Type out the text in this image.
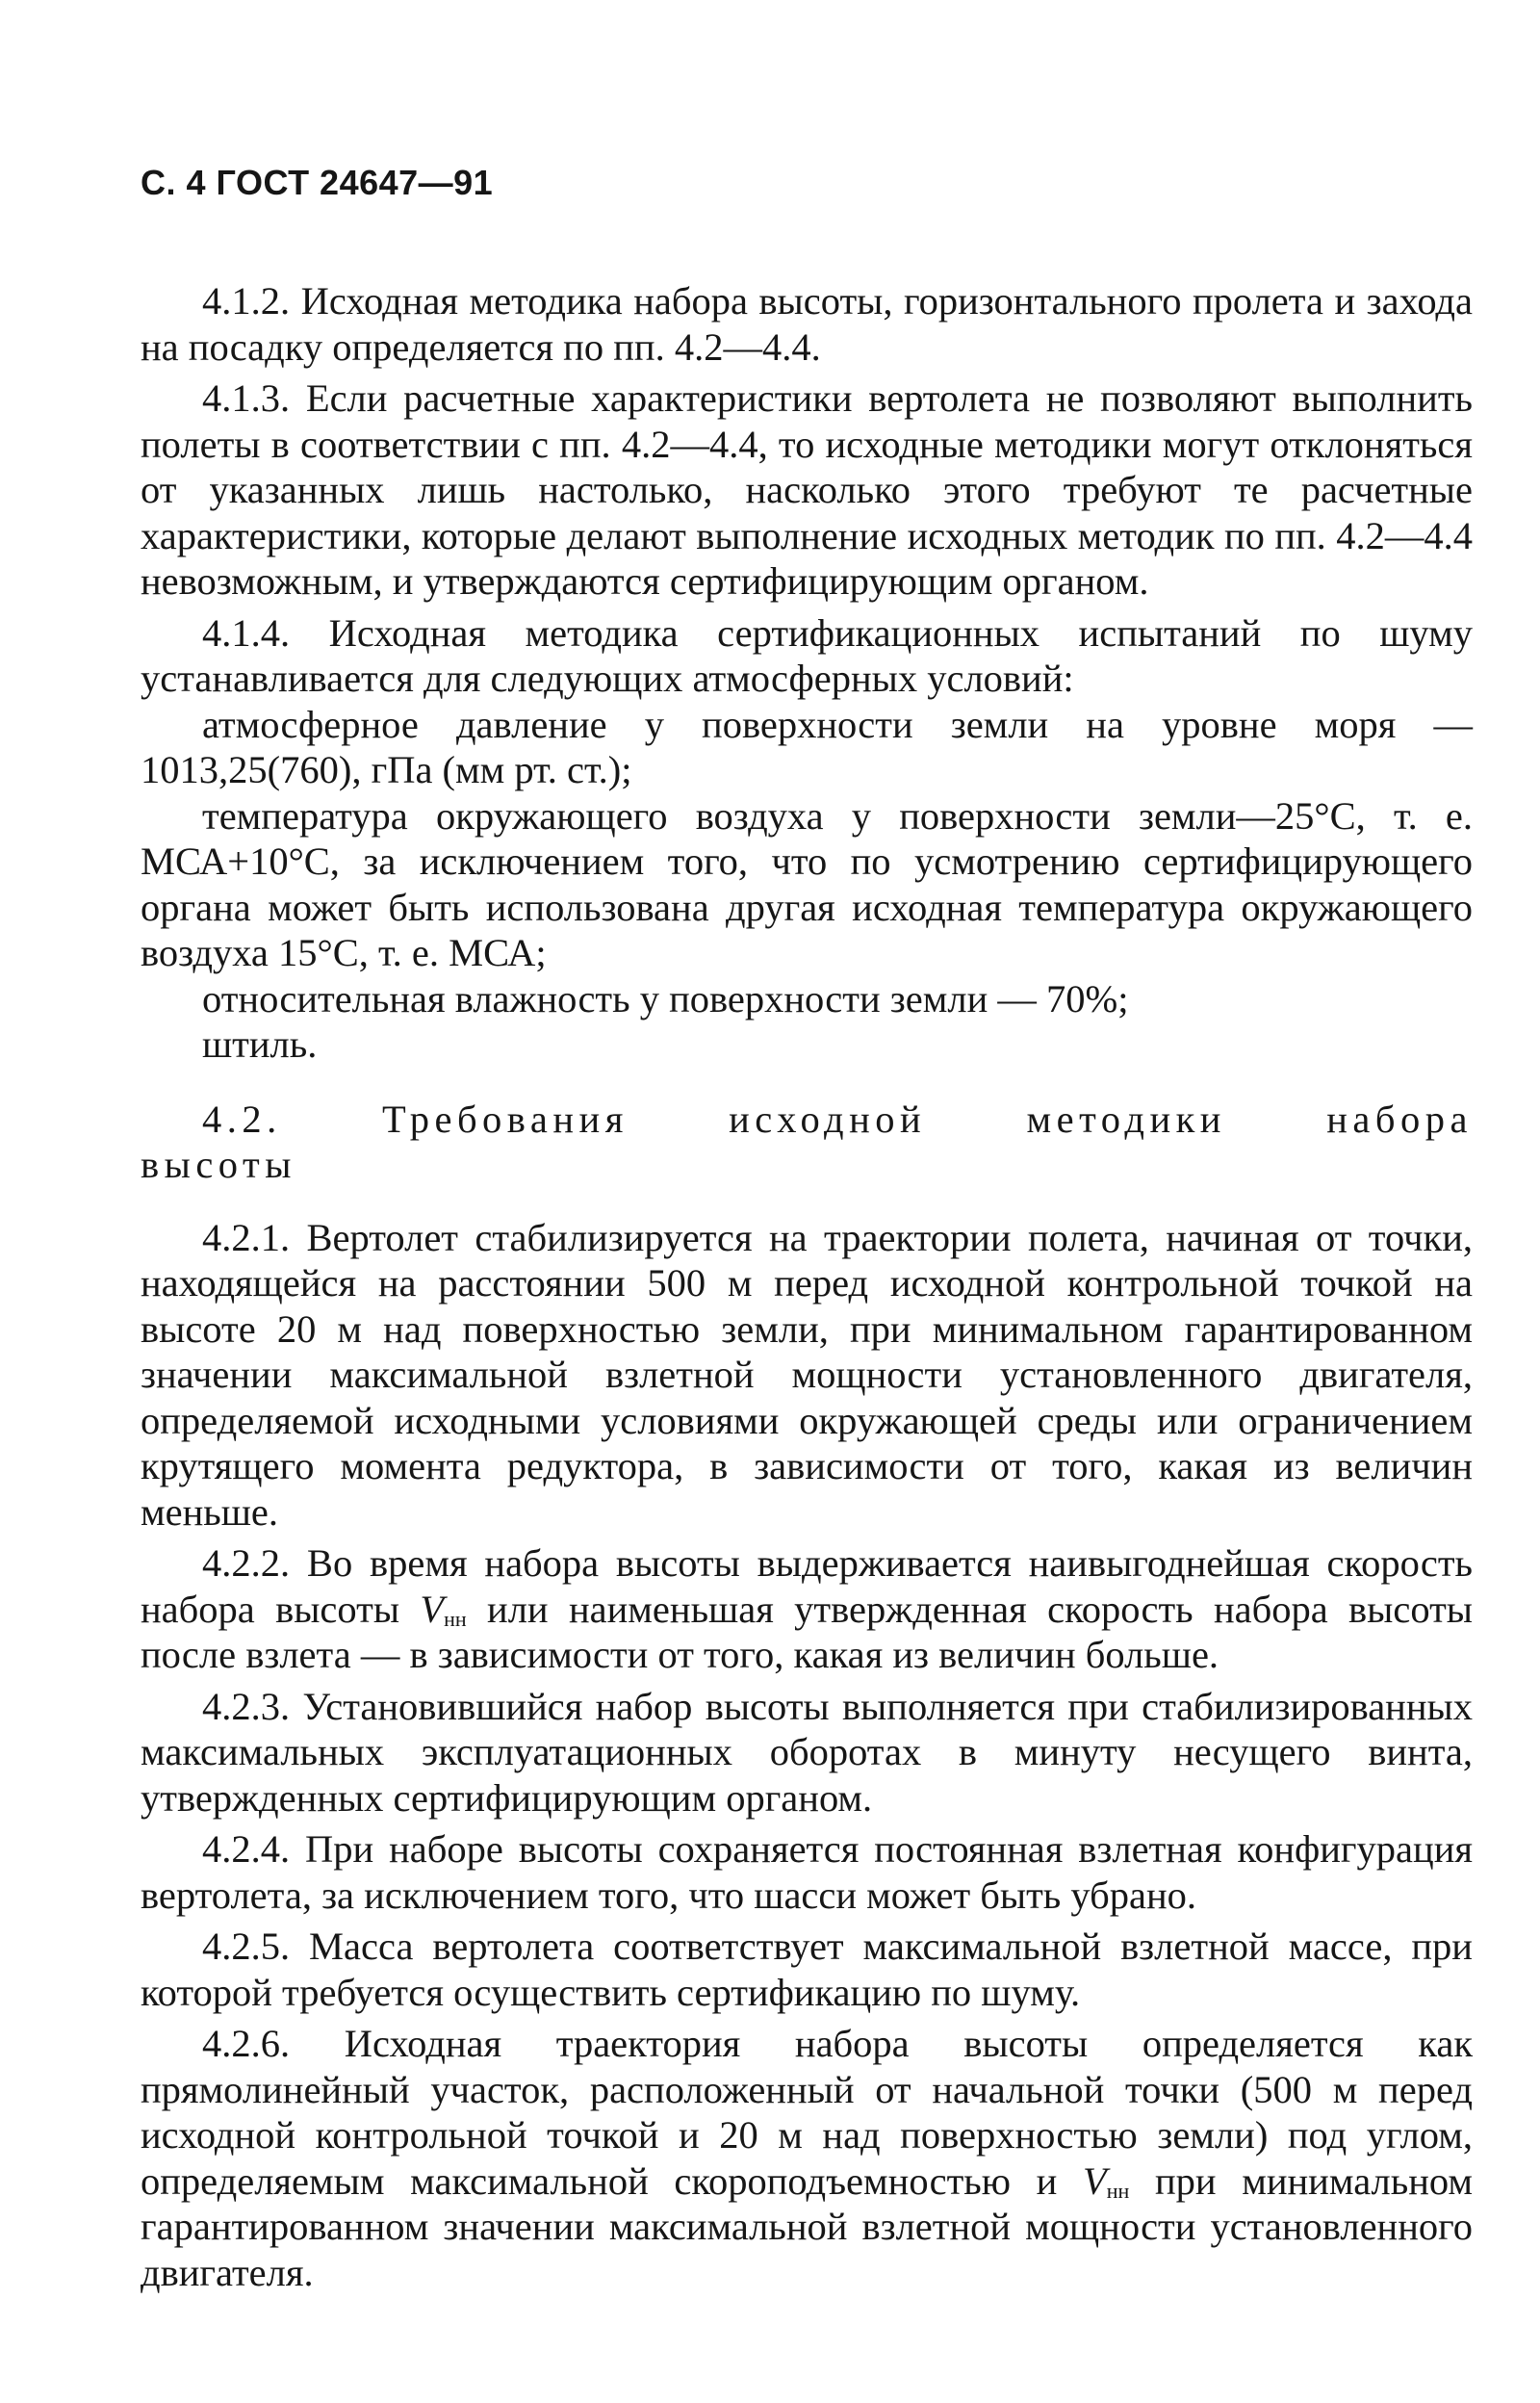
С. 4 ГОСТ 24647—91

4.1.2. Исходная методика набора высоты, горизонтального пролета и захода на посадку определяется по пп. 4.2—4.4.

4.1.3. Если расчетные характеристики вертолета не позволяют выполнить полеты в соответствии с пп. 4.2—4.4, то исходные методики могут отклоняться от указанных лишь настолько, насколько этого требуют те расчетные характеристики, которые делают выполнение исходных методик по пп. 4.2—4.4 невозможным, и утверждаются сертифицирующим органом.

4.1.4. Исходная методика сертификационных испытаний по шуму устанавливается для следующих атмосферных условий:

атмосферное давление у поверхности земли на уровне моря — 1013,25(760), гПа (мм рт. ст.);

температура окружающего воздуха у поверхности земли—25°С, т. е. МСА+10°С, за исключением того, что по усмотрению сертифицирующего органа может быть использована другая исходная температура окружающего воздуха 15°С, т. е. МСА;

относительная влажность у поверхности земли — 70%;

штиль.

4.2. Требования исходной методики набора
высоты

4.2.1. Вертолет стабилизируется на траектории полета, начиная от точки, находящейся на расстоянии 500 м перед исходной контрольной точкой на высоте 20 м над поверхностью земли, при минимальном гарантированном значении максимальной взлетной мощности установленного двигателя, определяемой исходными условиями окружающей среды или ограничением крутящего момента редуктора, в зависимости от того, какая из величин меньше.

4.2.2. Во время набора высоты выдерживается наивыгоднейшая скорость набора высоты $V_{нн}$ или наименьшая утвержденная скорость набора высоты после взлета — в зависимости от того, какая из величин больше.

4.2.3. Установившийся набор высоты выполняется при стабилизированных максимальных эксплуатационных оборотах в минуту несущего винта, утвержденных сертифицирующим органом.

4.2.4. При наборе высоты сохраняется постоянная взлетная конфигурация вертолета, за исключением того, что шасси может быть убрано.

4.2.5. Масса вертолета соответствует максимальной взлетной массе, при которой требуется осуществить сертификацию по шуму.

4.2.6. Исходная траектория набора высоты определяется как прямолинейный участок, расположенный от начальной точки (500 м перед исходной контрольной точкой и 20 м над поверхностью земли) под углом, определяемым максимальной скороподъемностью и $V_{нн}$ при минимальном гарантированном значении максимальной взлетной мощности установленного двигателя.
